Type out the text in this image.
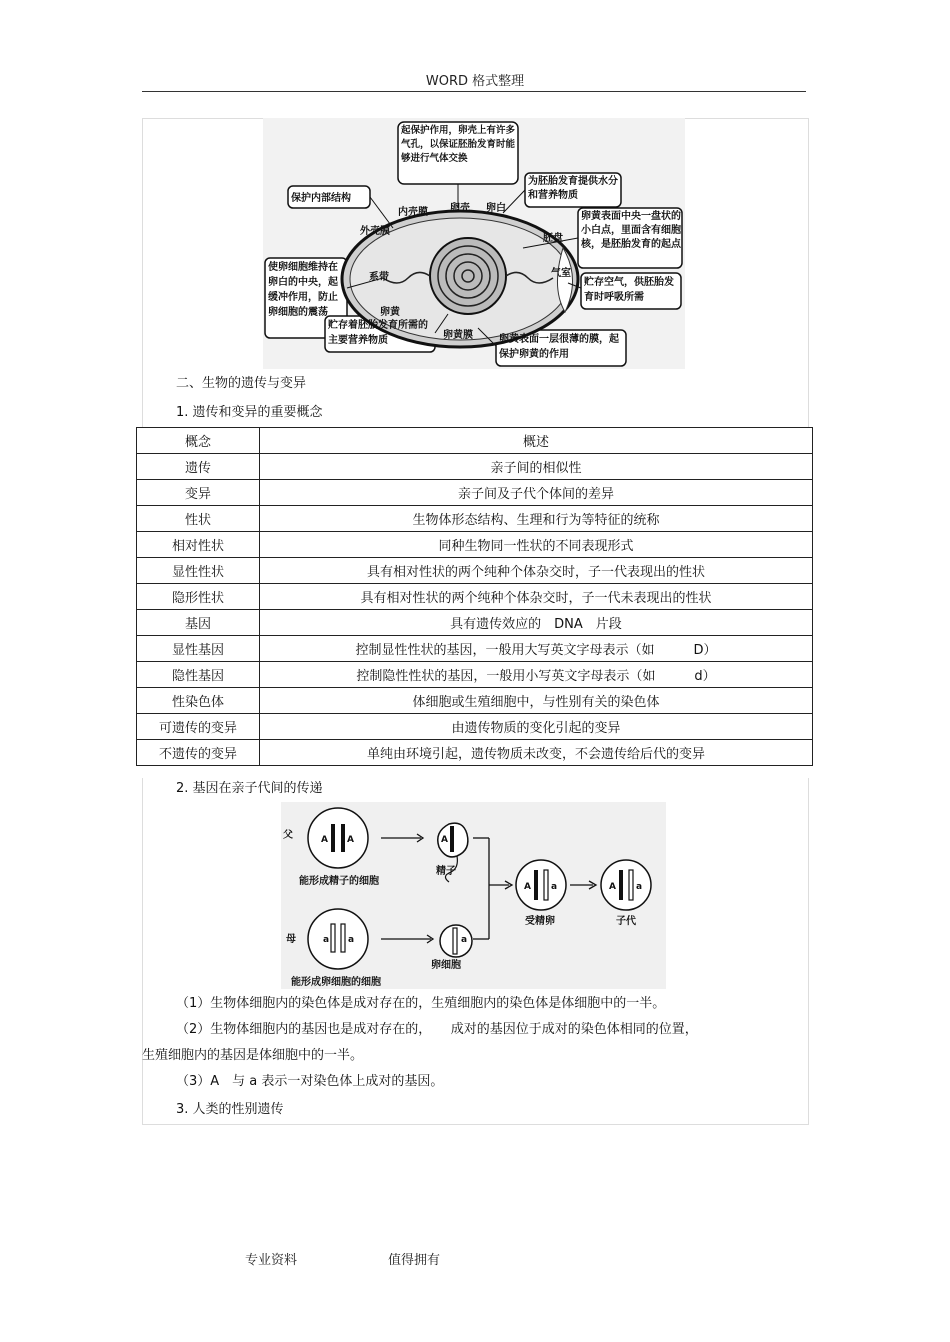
WORD 格式整理
起保护作用，卵壳上有许多气孔，以保证胚胎发育时能够进行气体交换
保护内部结构
为胚胎发育提供水分和营养物质
卵黄表面中央一盘状的小白点，里面含有细胞核，是胚胎发育的起点
使卵细胞维持在卵白的中央，起缓冲作用，防止卵细胞的震荡
贮存空气，供胚胎发育时呼吸所需
贮存着胚胎发育所需的主要营养物质	卵黄表面一层很薄的膜，起保护卵黄的作用
内壳膜 卵壳 卵白
外壳膜
胚盘
系带	气室
卵黄
卵黄膜
二、生物的遗传与变异
1. 遗传和变异的重要概念
概念	概述
遗传	亲子间的相似性
变异	亲子间及子代个体间的差异
性状	生物体形态结构、生理和行为等特征的统称
相对性状	同种生物同一性状的不同表现形式
显性性状	具有相对性状的两个纯种个体杂交时，子一代表现出的性状
隐形性状	具有相对性状的两个纯种个体杂交时，子一代未表现出的性状
基因	具有遗传效应的　DNA　片段
显性基因	控制显性性状的基因，一般用大写英文字母表示（如　　　D）
隐性基因	控制隐性性状的基因，一般用小写英文字母表示（如　　　d）
性染色体	体细胞或生殖细胞中，与性别有关的染色体
可遗传的变异	由遗传物质的变化引起的变异
不遗传的变异	单纯由环境引起，遗传物质未改变，不会遗传给后代的变异
2. 基因在亲子代间的传递
A A	A
a a	a
A a	A a
父
母
能形成精子的细胞
精子
能形成卵细胞的细胞
卵细胞
受精卵	子代
（1）生物体细胞内的染色体是成对存在的，生殖细胞内的染色体是体细胞中的一半。
（2）生物体细胞内的基因也是成对存在的，　　成对的基因位于成对的染色体相同的位置，
生殖细胞内的基因是体细胞中的一半。
（3）A　与 a 表示一对染色体上成对的基因。
3. 人类的性别遗传
专业资料	值得拥有
